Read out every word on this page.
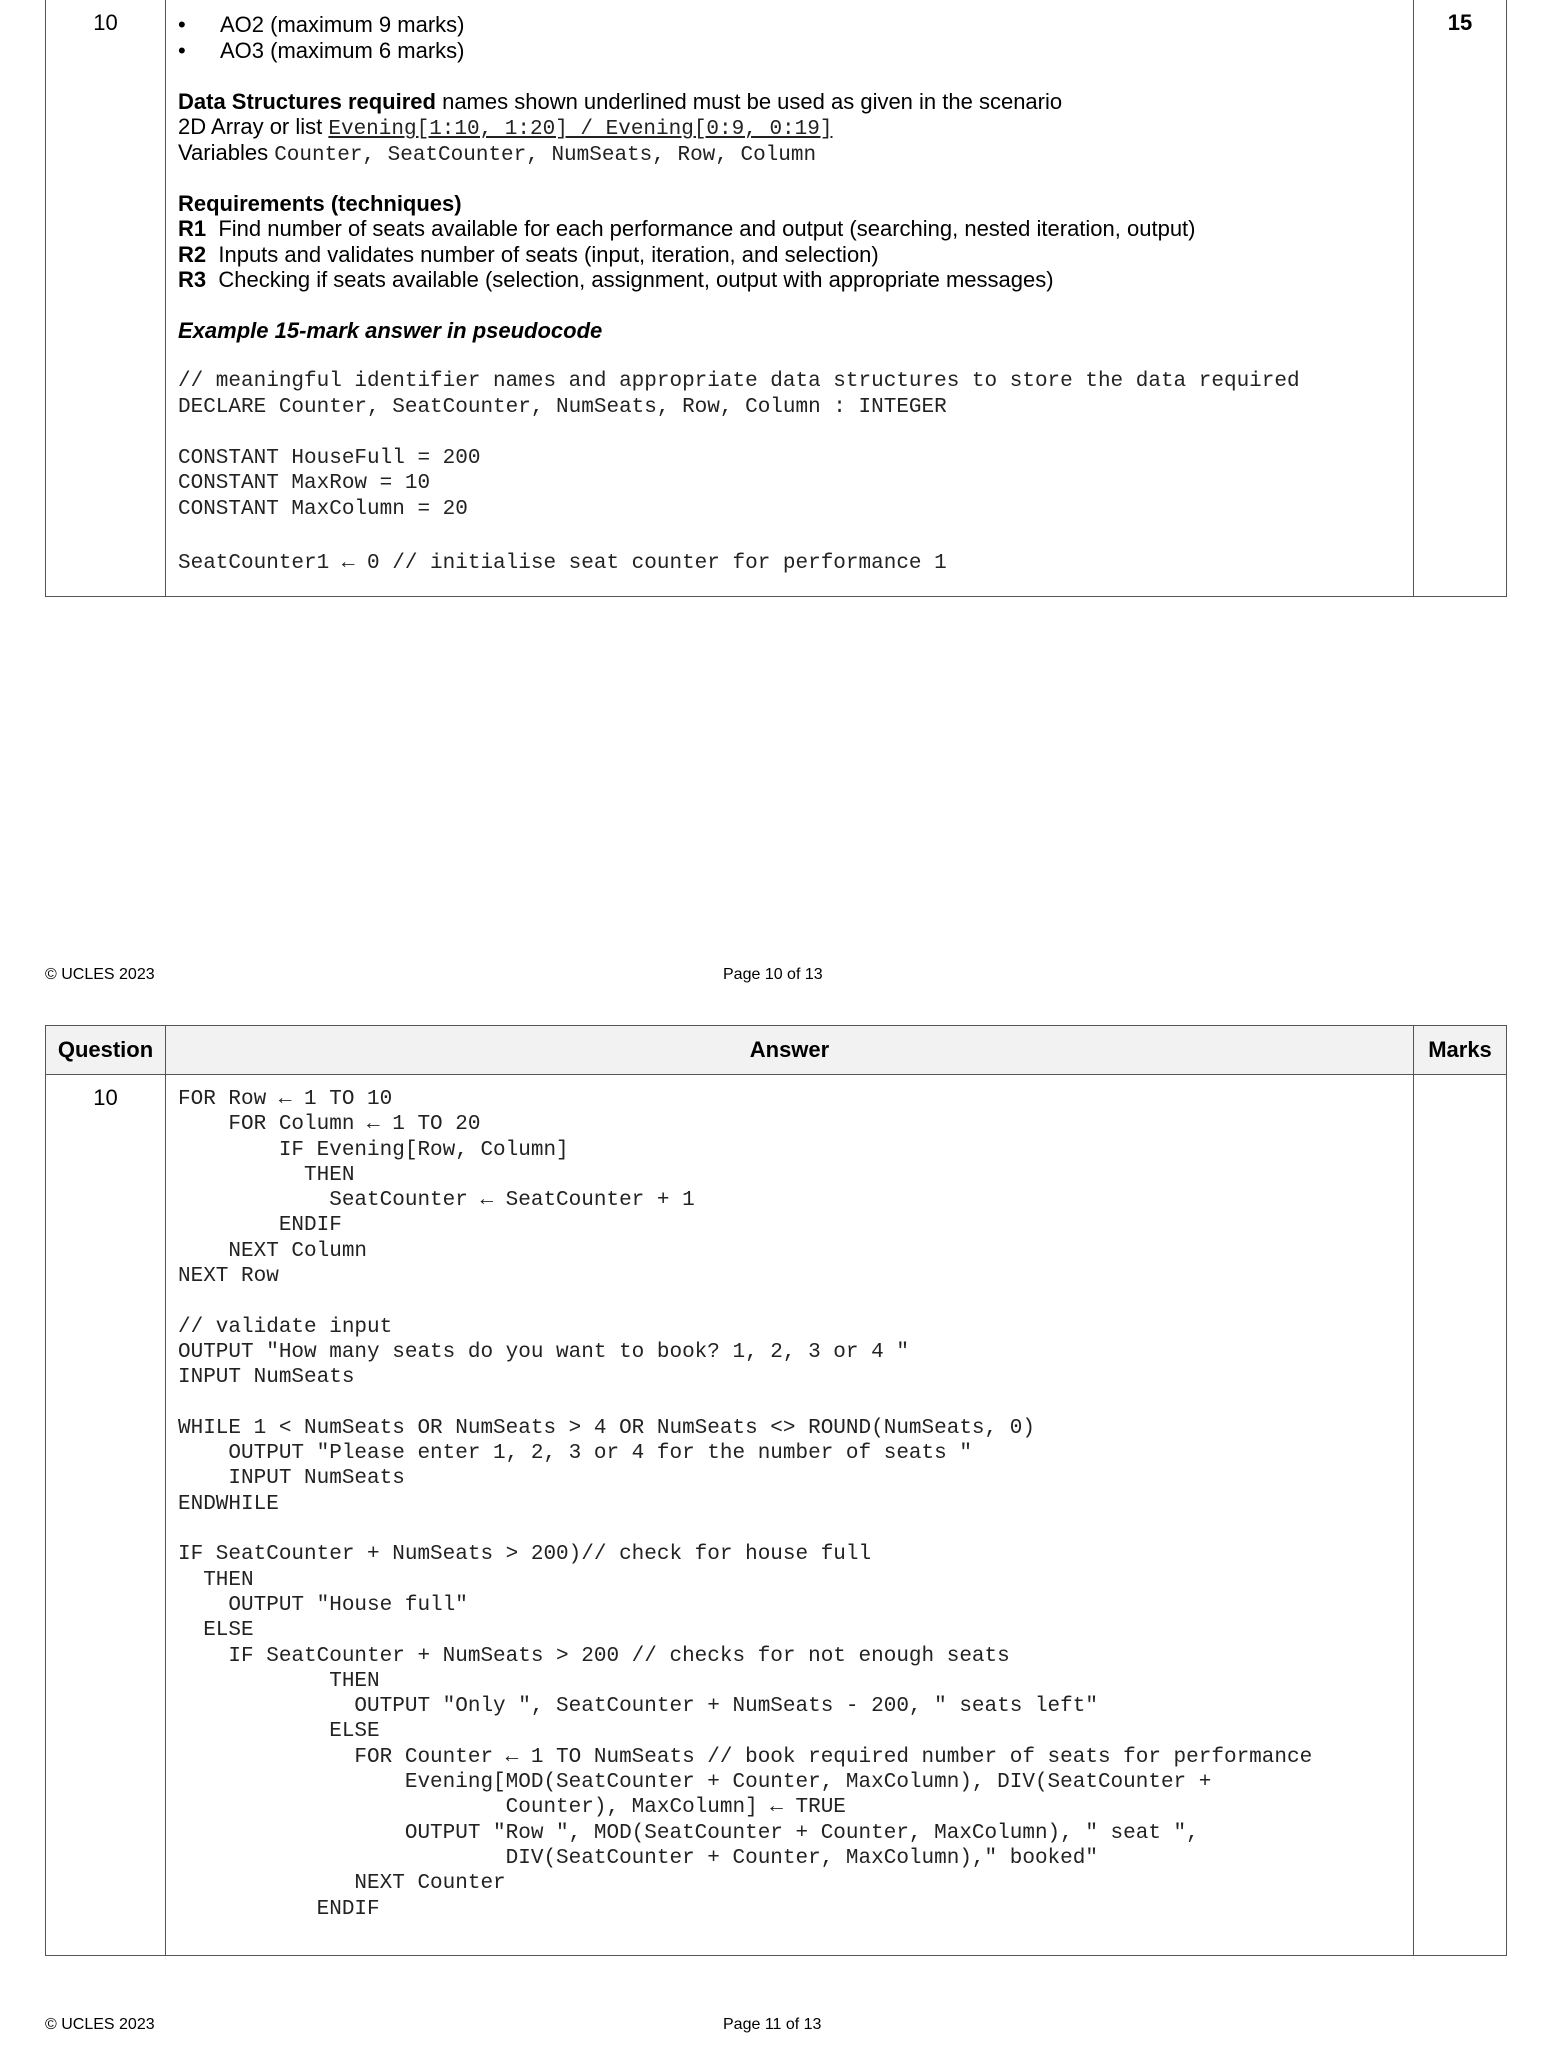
10
•	AO2 (maximum 9 marks)
• AO3 (maximum 6 marks)
Data Structures required names shown underlined must be used as given in the scenario
2D Array or list Evening[1:10, 1:20] / Evening[0:9, 0:19]
Variables Counter, SeatCounter, NumSeats, Row, Column
Requirements (techniques)
R1 Find number of seats available for each performance and output (searching, nested iteration, output)
R2 Inputs and validates number of seats (input, iteration, and selection)
R3 Checking if seats available (selection, assignment, output with appropriate messages)
Example 15-mark answer in pseudocode
// meaningful identifier names and appropriate data structures to store the data required
DECLARE Counter, SeatCounter, NumSeats, Row, Column : INTEGER
CONSTANT HouseFull = 200
CONSTANT MaxRow = 10
CONSTANT MaxColumn = 20
SeatCounter1 ← 0 // initialise seat counter for performance 1
15
© UCLES 2023	Page 10 of 13
Question	Answer	Marks
10	FOR Row ← 1 TO 10
FOR Column ← 1 TO 20
IF Evening[Row, Column]
THEN
SeatCounter ← SeatCounter + 1
ENDIF
NEXT Column
NEXT Row
// validate input
OUTPUT "How many seats do you want to book? 1, 2, 3 or 4 "
INPUT NumSeats
WHILE 1 < NumSeats OR NumSeats > 4 OR NumSeats <> ROUND(NumSeats, 0)
OUTPUT "Please enter 1, 2, 3 or 4 for the number of seats "
INPUT NumSeats
ENDWHILE
IF SeatCounter + NumSeats > 200)// check for house full
THEN
OUTPUT "House full"
ELSE
IF SeatCounter + NumSeats > 200 // checks for not enough seats
THEN
OUTPUT "Only ", SeatCounter + NumSeats - 200, " seats left"
ELSE
FOR Counter ← 1 TO NumSeats // book required number of seats for performance
Evening[MOD(SeatCounter + Counter, MaxColumn), DIV(SeatCounter +
Counter), MaxColumn] ← TRUE
OUTPUT "Row ", MOD(SeatCounter + Counter, MaxColumn), " seat ",
DIV(SeatCounter + Counter, MaxColumn)," booked"
NEXT Counter
ENDIF
© UCLES 2023	Page 11 of 13
